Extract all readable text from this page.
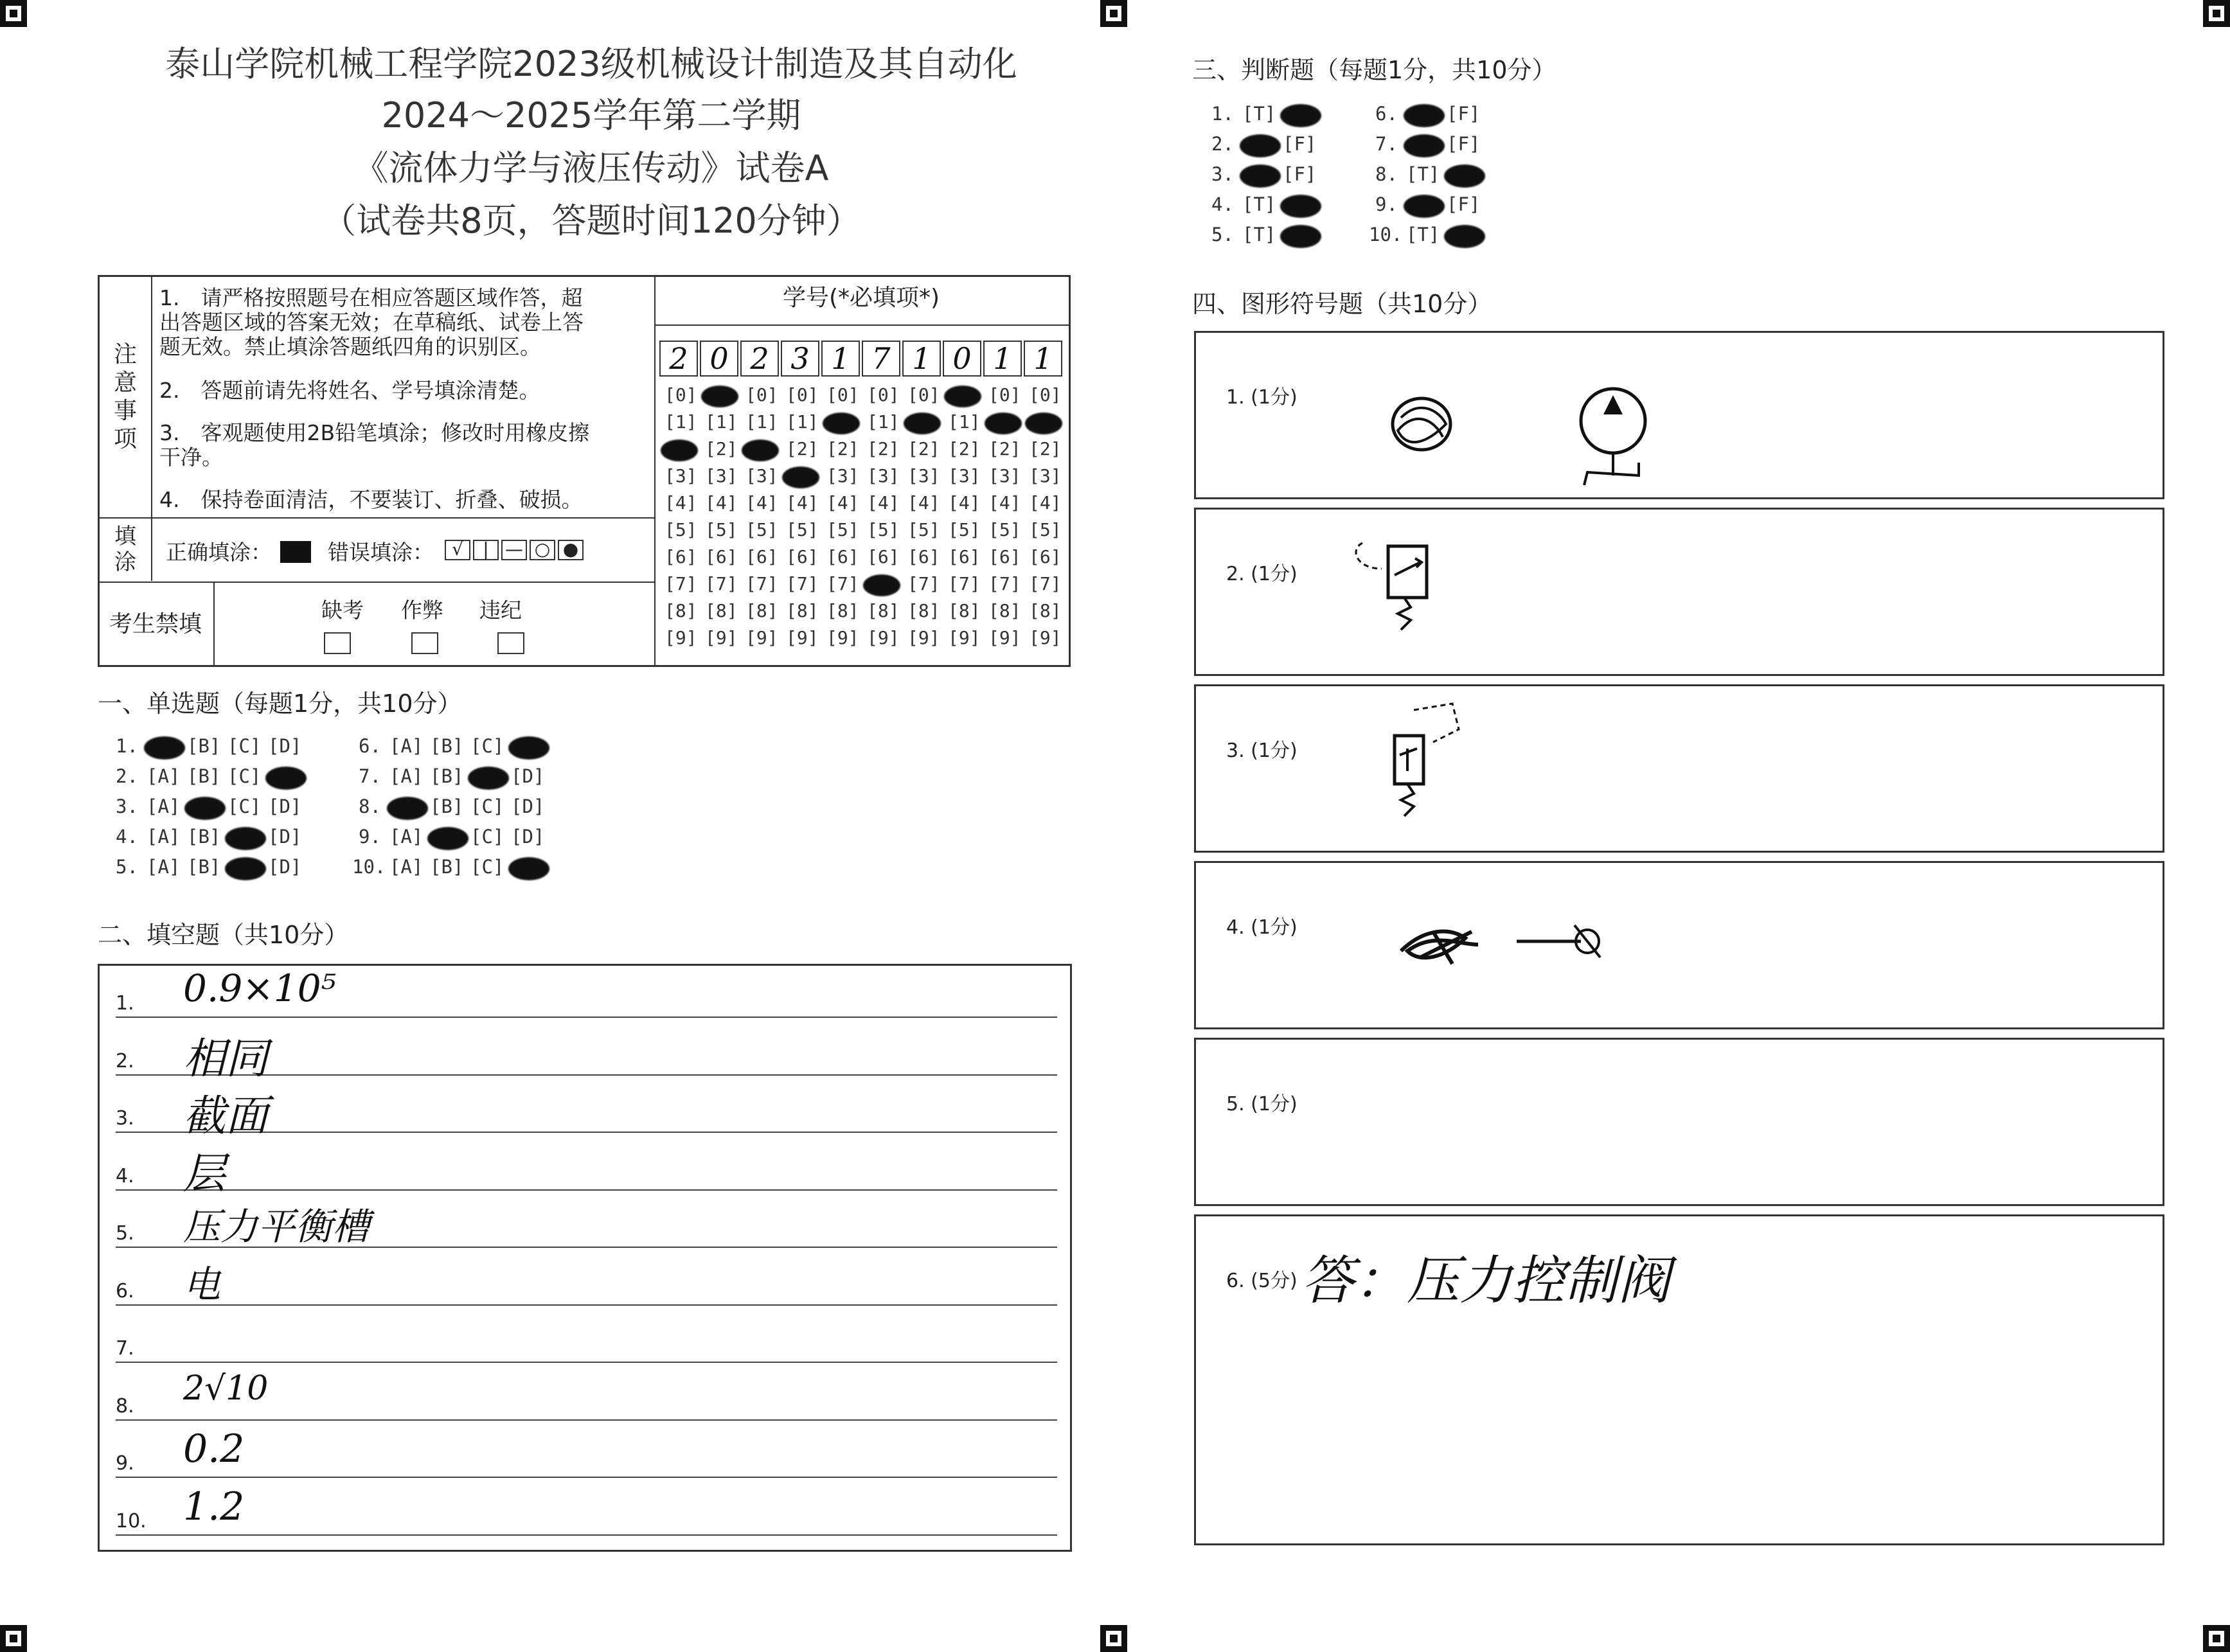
泰山学院机械工程学院2023级机械设计制造及其自动化
2024～2025学年第二学期
《流体力学与液压传动》试卷A
（试卷共8页，答题时间120分钟）
注
意
事
项
1.　请严格按照题号在相应答题区域作答，超
出答题区域的答案无效；在草稿纸、试卷上答
题无效。禁止填涂答题纸四角的识别区。
2.　答题前请先将姓名、学号填涂清楚。
3.　客观题使用2B铅笔填涂；修改时用橡皮擦
干净。
4.　保持卷面清洁，不要装订、折叠、破损。
填
涂 正确填涂：	错误填涂：	√ | — ○ ●
考生禁填
缺考 作弊 违纪
学号(*必填项*)
2 0 2 3 1 7 1 0 1 1
[0]	[0] [0] [0] [0] [0]	[0] [0]
[1] [1] [1] [1]	[1]	[1]
[2]	[2] [2] [2] [2] [2] [2] [2]
[3] [3] [3]	[3] [3] [3] [3] [3] [3]
[4] [4] [4] [4] [4] [4] [4] [4] [4] [4]
[5] [5] [5] [5] [5] [5] [5] [5] [5] [5]
[6] [6] [6] [6] [6] [6] [6] [6] [6] [6]
[7] [7] [7] [7] [7]	[7] [7] [7] [7]
[8] [8] [8] [8] [8] [8] [8] [8] [8] [8]
[9] [9] [9] [9] [9] [9] [9] [9] [9] [9]
一、单选题（每题1分，共10分）
1.	[B] [C] [D]
2. [A] [B] [C]
3. [A]	[C] [D]
4. [A] [B]	[D]
5. [A] [B]	[D]
6. [A] [B] [C]
7. [A] [B]	[D]
8.	[B] [C] [D]
9. [A]	[C] [D]
10. [A] [B] [C]
二、填空题（共10分）
1. 0.9×10⁵
2. 相同
3. 截面
4. 层
5. 压力平衡槽
6. 电
7.
8. 2√10
9. 0.2
10. 1.2
三、判断题（每题1分，共10分）
1. [T]
2.	[F]
3.	[F]
4. [T]
5. [T]
6.	[F]
7.	[F]
8. [T]
9.	[F]
10. [T]
四、图形符号题（共10分）
1. (1分)
2. (1分)
3. (1分)
4. (1分)
5. (1分)
6. (5分) 答：压力控制阀
